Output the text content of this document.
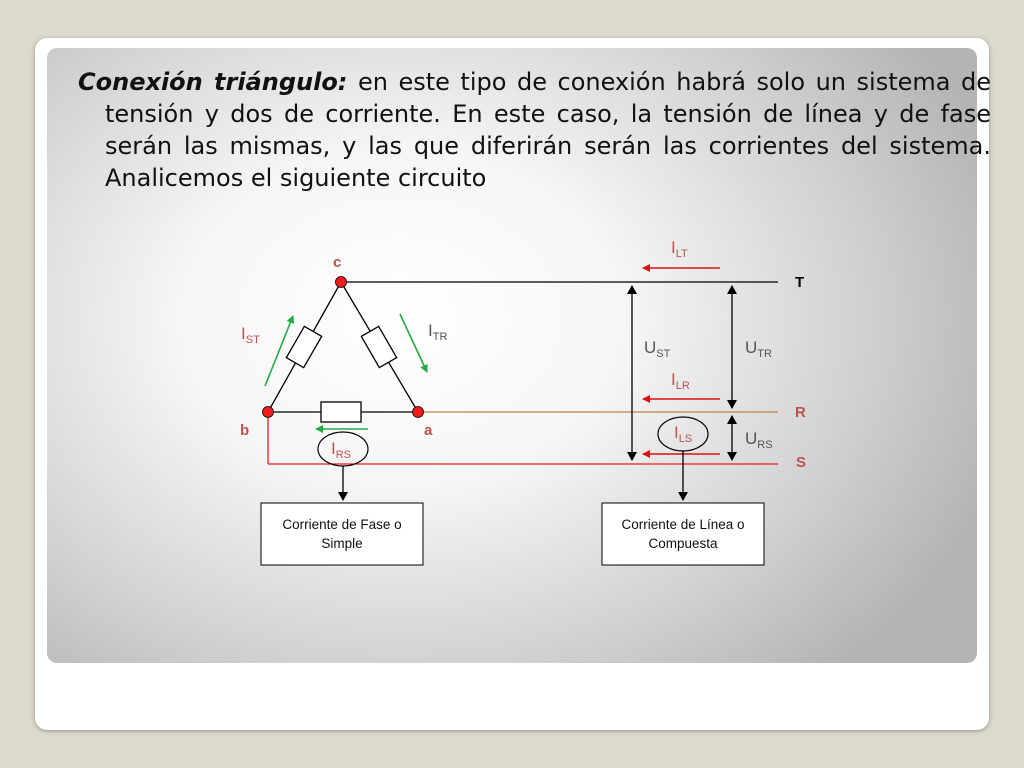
Conexión triángulo: en este tipo de conexión habrá solo un sistema de tensión y dos de corriente. En este caso, la tensión de línea y de fase serán las mismas, y las que diferirán serán las corrientes del sistema. Analicemos el siguiente circuito

c
b	a
T
R
S
$I_{ST}$	$I_{TR}$
$I_{RS}$
$I_{LT}$
$I_{LR}$
$I_{LS}$
$U_{ST}$	$U_{TR}$
$U_{RS}$
Corriente de Fase o Simple
Corriente de Línea o Compuesta
